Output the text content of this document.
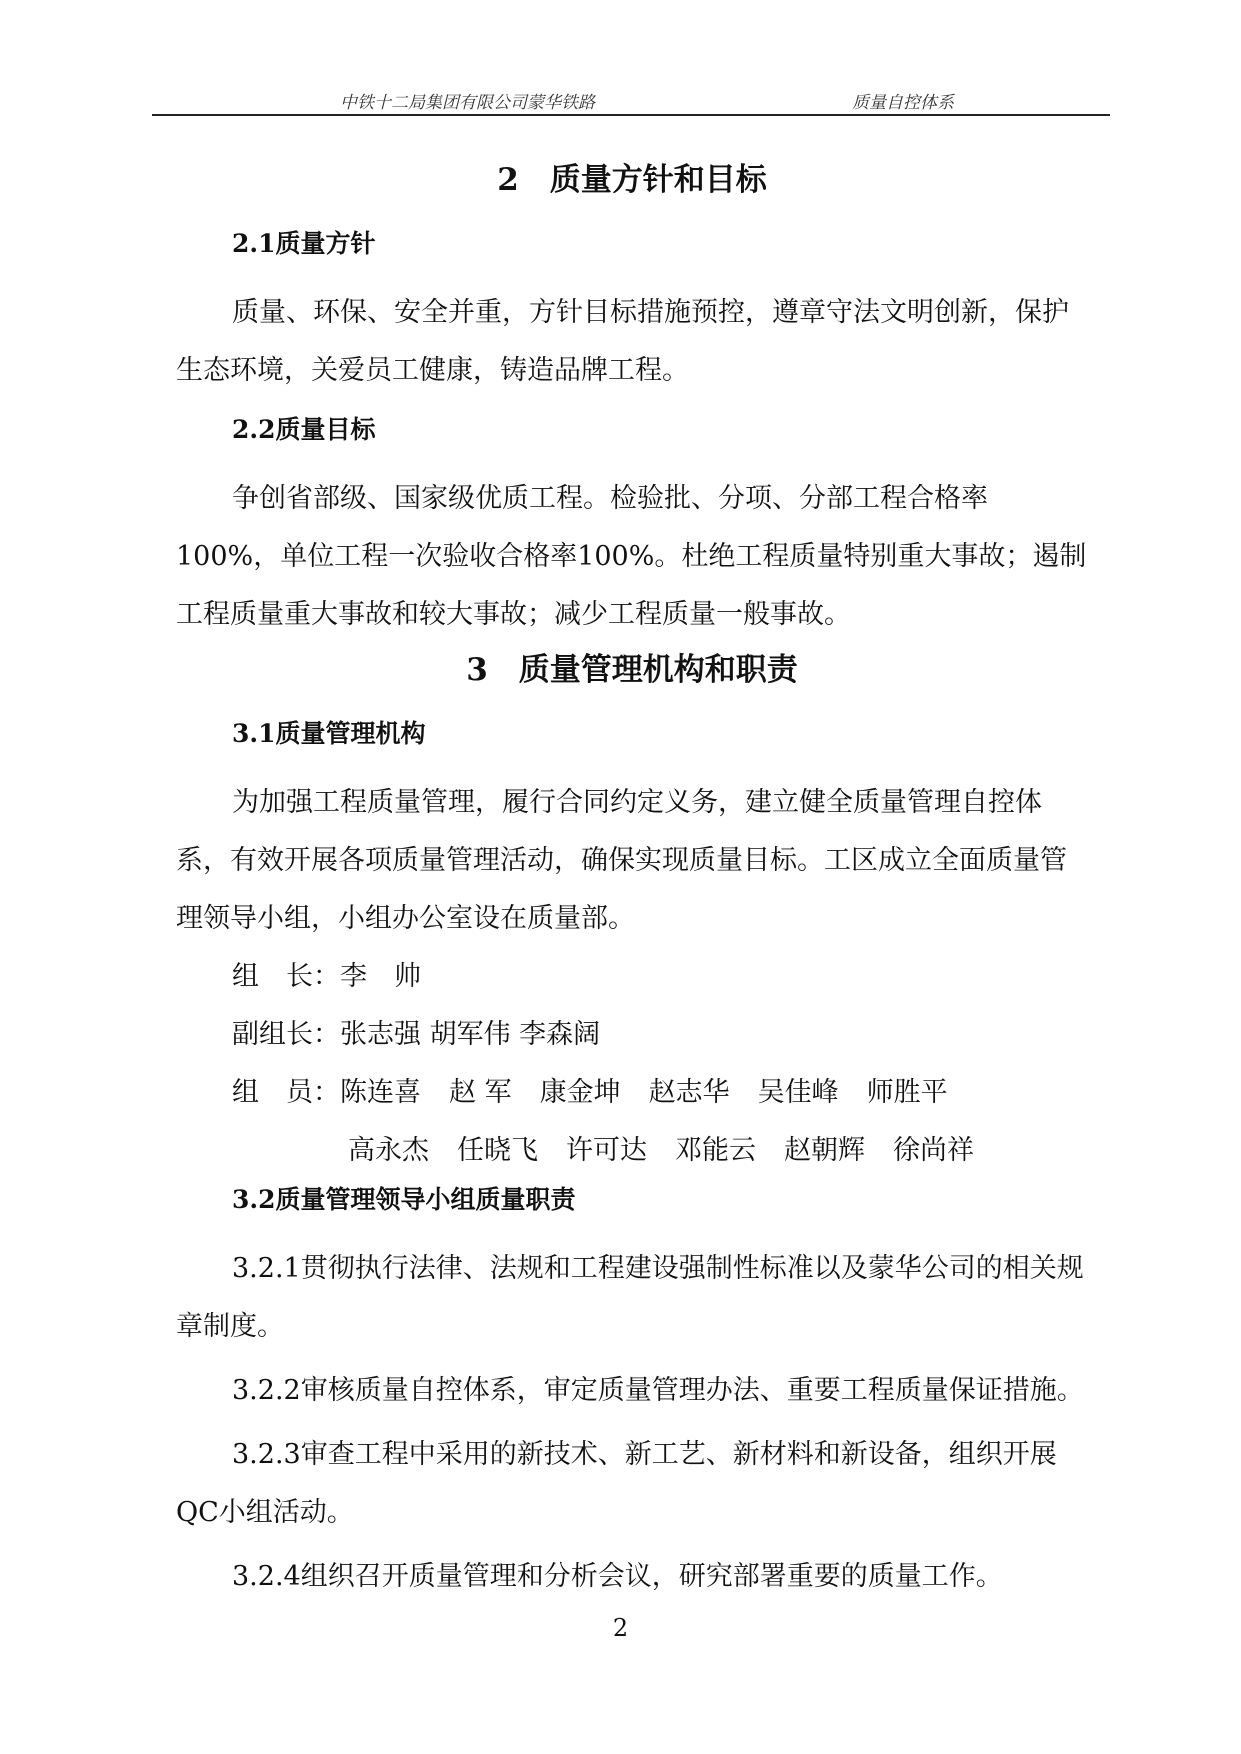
中铁十二局集团有限公司蒙华铁路	质量自控体系
2　质量方针和目标
2.1质量方针

质量、环保、安全并重，方针目标措施预控，遵章守法文明创新，保护生态环境，关爱员工健康，铸造品牌工程。

2.2质量目标

争创省部级、国家级优质工程。检验批、分项、分部工程合格率100%，单位工程一次验收合格率100%。杜绝工程质量特别重大事故；遏制工程质量重大事故和较大事故；减少工程质量一般事故。

3　质量管理机构和职责
3.1质量管理机构

为加强工程质量管理，履行合同约定义务，建立健全质量管理自控体系，有效开展各项质量管理活动，确保实现质量目标。工区成立全面质量管理领导小组，小组办公室设在质量部。

组　长：李　帅
副组长：张志强 胡军伟 李森阔
组　员：陈连喜 赵 军 康金坤 赵志华 吴佳峰 师胜平
高永杰 任晓飞 许可达 邓能云 赵朝辉 徐尚祥
3.2质量管理领导小组质量职责

3.2.1贯彻执行法律、法规和工程建设强制性标准以及蒙华公司的相关规章制度。

3.2.2审核质量自控体系，审定质量管理办法、重要工程质量保证措施。

3.2.3审查工程中采用的新技术、新工艺、新材料和新设备，组织开展QC小组活动。

3.2.4组织召开质量管理和分析会议，研究部署重要的质量工作。

2
